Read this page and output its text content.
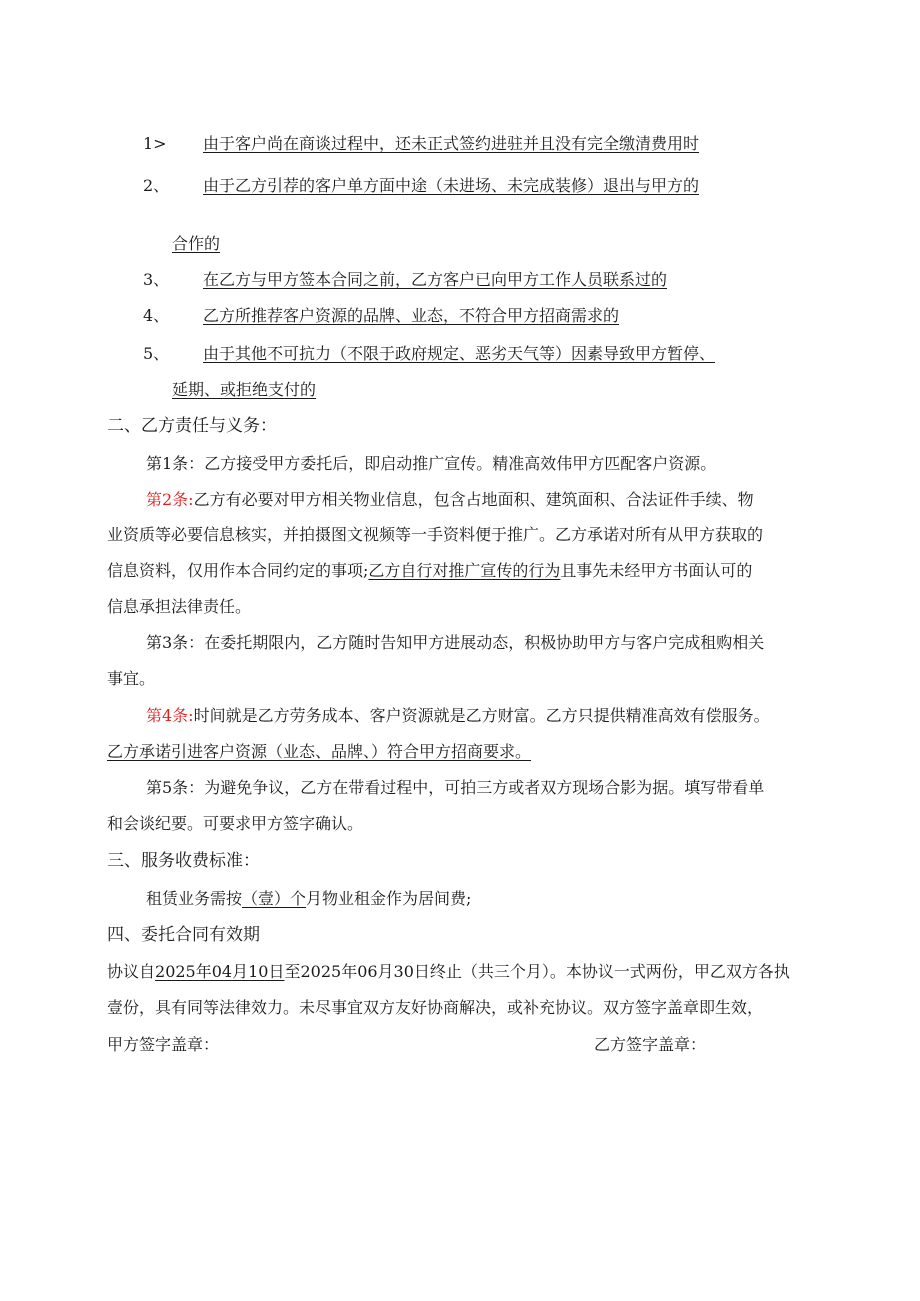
1> 由于客户尚在商谈过程中，还未正式签约进驻并且没有完全缴清费用时
2、 由于乙方引荐的客户单方面中途（未进场、未完成装修）退出与甲方的
合作的
3、 在乙方与甲方签本合同之前，乙方客户已向甲方工作人员联系过的
4、 乙方所推荐客户资源的品牌、业态，不符合甲方招商需求的
5、 由于其他不可抗力（不限于政府规定、恶劣天气等）因素导致甲方暂停、
延期、或拒绝支付的
二、乙方责任与义务：
第1条：乙方接受甲方委托后，即启动推广宣传。精准高效伟甲方匹配客户资源。
第2条:乙方有必要对甲方相关物业信息，包含占地面积、建筑面积、合法证件手续、物
业资质等必要信息核实，并拍摄图文视频等一手资料便于推广。乙方承诺对所有从甲方获取的
信息资料，仅用作本合同约定的事项;乙方自行对推广宣传的行为且事先未经甲方书面认可的
信息承担法律责任。
第3条：在委托期限内，乙方随时告知甲方进展动态，积极协助甲方与客户完成租购相关
事宜。
第4条:时间就是乙方劳务成本、客户资源就是乙方财富。乙方只提供精准高效有偿服务。
乙方承诺引进客户资源（业态、品牌、）符合甲方招商要求。
第5条：为避免争议，乙方在带看过程中，可拍三方或者双方现场合影为据。填写带看单
和会谈纪要。可要求甲方签字确认。
三、服务收费标准：
租赁业务需按（壹）个月物业租金作为居间费;
四、委托合同有效期
协议自2025年04月10日至2025年06月30日终止（共三个月）。本协议一式两份，甲乙双方各执
壹份，具有同等法律效力。未尽事宜双方友好协商解决，或补充协议。双方签字盖章即生效，
甲方签字盖章：	乙方签字盖章：
